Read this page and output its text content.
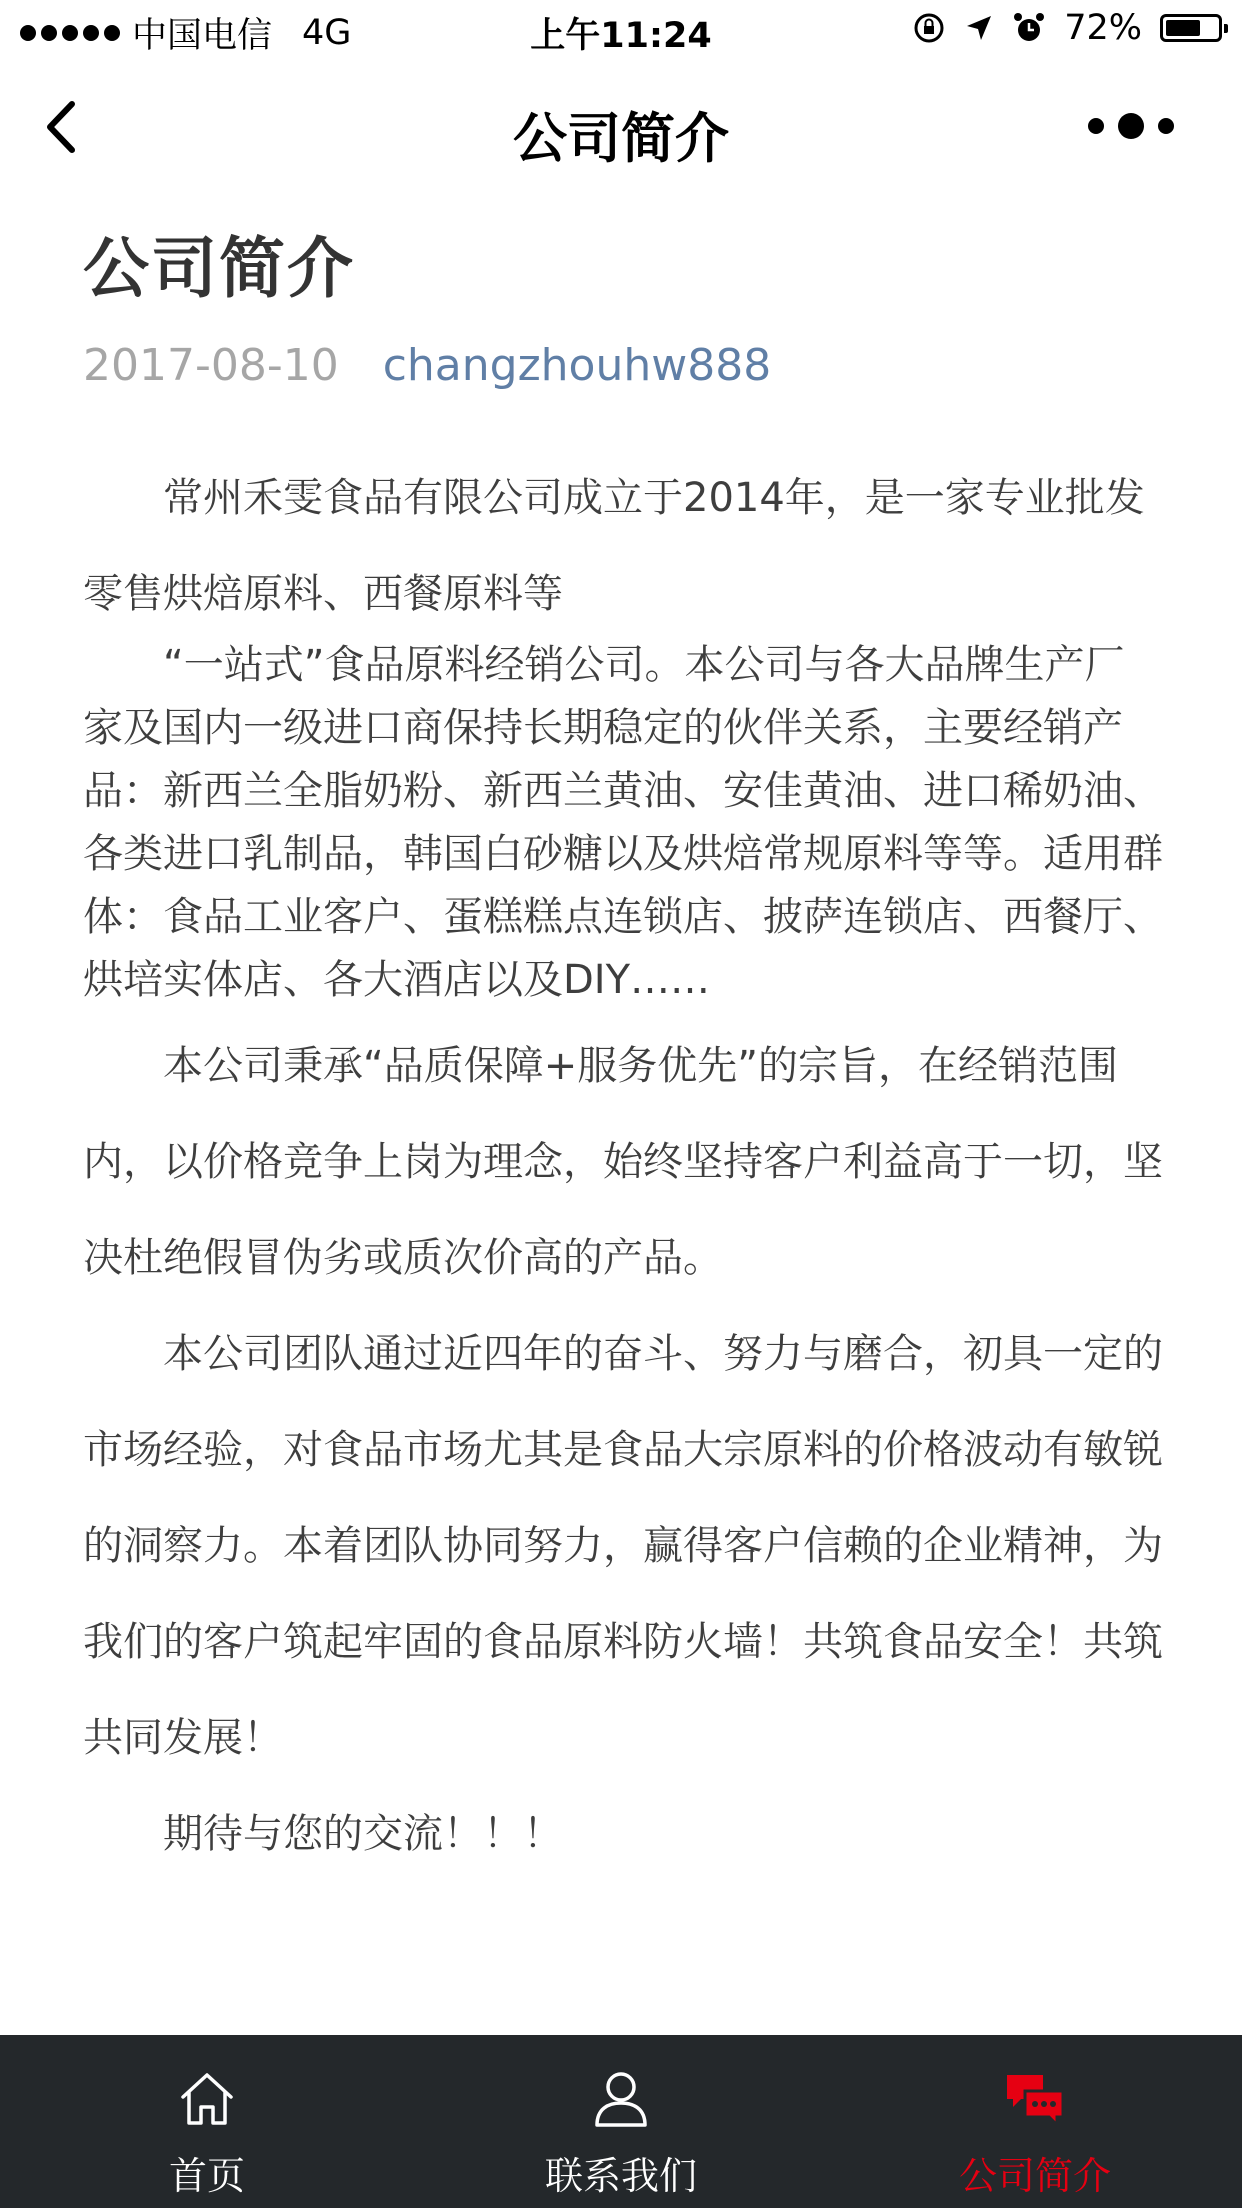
中国电信 4G	上午11:24	72%
公司简介
公司简介
2017-08-10 changzhouhw888

常州禾雯食品有限公司成立于2014年，是一家专业批发零售烘焙原料、西餐原料等

“一站式”食品原料经销公司。本公司与各大品牌生产厂家及国内一级进口商保持长期稳定的伙伴关系，主要经销产品：新西兰全脂奶粉、新西兰黄油、安佳黄油、进口稀奶油、各类进口乳制品，韩国白砂糖以及烘焙常规原料等等。适用群体：食品工业客户、蛋糕糕点连锁店、披萨连锁店、西餐厅、烘培实体店、各大酒店以及DIY……

本公司秉承“品质保障+服务优先”的宗旨，在经销范围内，以价格竞争上岗为理念，始终坚持客户利益高于一切，坚决杜绝假冒伪劣或质次价高的产品。

本公司团队通过近四年的奋斗、努力与磨合，初具一定的市场经验，对食品市场尤其是食品大宗原料的价格波动有敏锐的洞察力。本着团队协同努力，赢得客户信赖的企业精神，为我们的客户筑起牢固的食品原料防火墙！共筑食品安全！共筑共同发展！

期待与您的交流！！！

首页	联系我们	公司简介
